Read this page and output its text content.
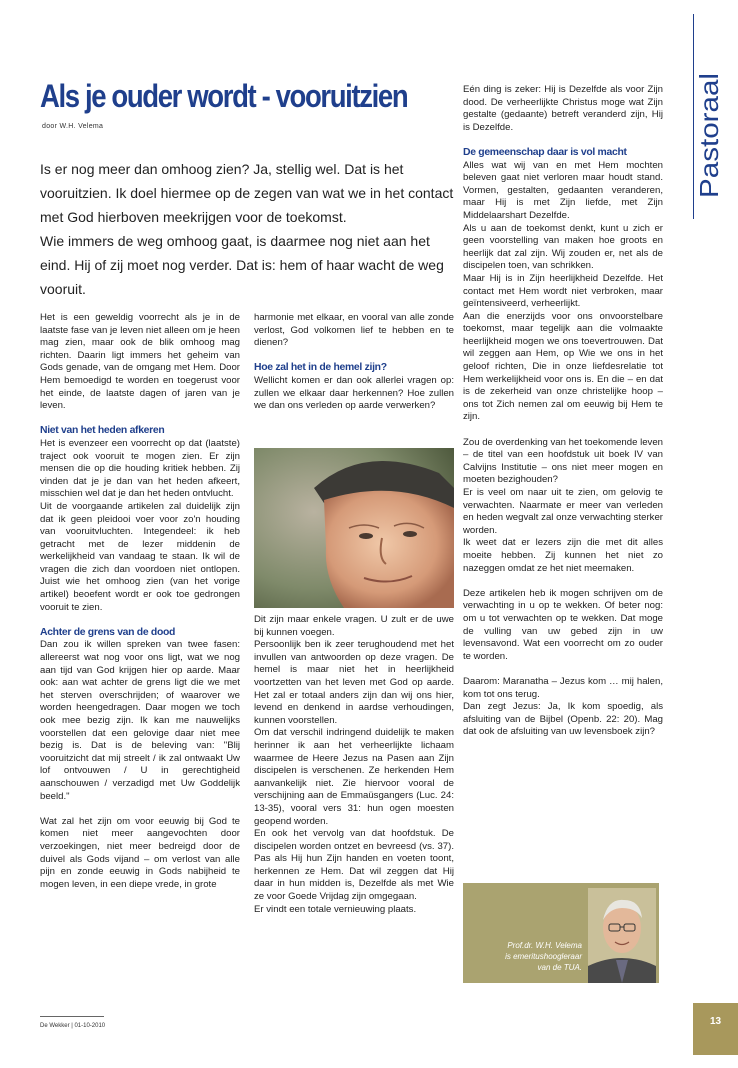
Pastoraal
Als je ouder wordt - vooruitzien
door W.H. Velema

Is er nog meer dan omhoog zien? Ja, stellig wel. Dat is het vooruitzien. Ik doel hiermee op de zegen van wat we in het contact met God hierboven meekrijgen voor de toekomst.

Wie immers de weg omhoog gaat, is daarmee nog niet aan het eind. Hij of zij moet nog verder. Dat is: hem of haar wacht de weg vooruit.

Het is een geweldig voorrecht als je in de laatste fase van je leven niet alleen om je heen mag zien, maar ook de blik omhoog mag richten. Daarin ligt immers het geheim van Gods genade, van de omgang met Hem. Door Hem bemoedigd te worden en toegerust voor het einde, de laatste dagen of jaren van je leven.

Niet van het heden afkeren

Het is evenzeer een voorrecht op dat (laatste) traject ook vooruit te mogen zien. Er zijn mensen die op die houding kritiek hebben. Zij vinden dat je je dan van het heden afkeert, misschien wel dat je dan het heden ontvlucht.

Uit de voorgaande artikelen zal duidelijk zijn dat ik geen pleidooi voer voor zo'n houding van vooruitvluchten. Integendeel: ik heb getracht met de lezer middenin de werkelijkheid van vandaag te staan. Ik wil de vragen die zich dan voordoen niet ontlopen. Juist wie het omhoog zien (van het vorige artikel) beoefent wordt er ook toe gedrongen vooruit te zien.

Achter de grens van de dood

Dan zou ik willen spreken van twee fasen: allereerst wat nog voor ons ligt, wat we nog aan tijd van God krijgen hier op aarde. Maar ook: aan wat achter de grens ligt die we met het sterven overschrijden; of waarover we worden heengedragen. Daar mogen we toch ook mee bezig zijn. Ik kan me nauwelijks voorstellen dat een gelovige daar niet mee bezig is. Dat is de beleving van: "Blij vooruitzicht dat mij streelt / ik zal ontwaakt Uw lof ontvouwen / U in gerechtigheid aanschouwen / verzadigd met Uw Goddelijk beeld."

Wat zal het zijn om voor eeuwig bij God te komen niet meer aangevochten door verzoekingen, niet meer bedreigd door de duivel als Gods vijand – om verlost van alle pijn en zonde eeuwig in Gods nabijheid te mogen leven, in een diepe vrede, in grote

harmonie met elkaar, en vooral van alle zonde verlost, God volkomen lief te hebben en te dienen?

Hoe zal het in de hemel zijn?

Wellicht komen er dan ook allerlei vragen op: zullen we elkaar daar herkennen? Hoe zullen we dan ons verleden op aarde verwerken?

Dit zijn maar enkele vragen. U zult er de uwe bij kunnen voegen.

Persoonlijk ben ik zeer terughoudend met het invullen van antwoorden op deze vragen. De hemel is maar niet het in heerlijkheid voortzetten van het leven met God op aarde. Het zal er totaal anders zijn dan wij ons hier, levend en denkend in aardse verhoudingen, kunnen voorstellen.

Om dat verschil indringend duidelijk te maken herinner ik aan het verheerlijkte lichaam waarmee de Heere Jezus na Pasen aan Zijn discipelen is verschenen. Ze herkenden Hem aanvankelijk niet. Zie hiervoor vooral de verschijning aan de Emmaüsgangers (Luc. 24: 13-35), vooral vers 31: hun ogen moesten geopend worden.

En ook het vervolg van dat hoofdstuk. De discipelen worden ontzet en bevreesd (vs. 37). Pas als Hij hun Zijn handen en voeten toont, herkennen ze Hem. Dat wil zeggen dat Hij daar in hun midden is, Dezelfde als met Wie ze voor Goede Vrijdag zijn omgegaan.

Er vindt een totale vernieuwing plaats.

Eén ding is zeker: Hij is Dezelfde als voor Zijn dood. De verheerlijkte Christus moge wat Zijn gestalte (gedaante) betreft veranderd zijn, Hij is Dezelfde.

De gemeenschap daar is vol macht

Alles wat wij van en met Hem mochten beleven gaat niet verloren maar houdt stand. Vormen, gestalten, gedaanten veranderen, maar Hij is met Zijn liefde, met Zijn Middelaarshart Dezelfde.

Als u aan de toekomst denkt, kunt u zich er geen voorstelling van maken hoe groots en heerlijk dat zal zijn. Wij zouden er, net als de discipelen toen, van schrikken.

Maar Hij is in Zijn heerlijkheid Dezelfde. Het contact met Hem wordt niet verbroken, maar geïntensiveerd, verheerlijkt.

Aan die enerzijds voor ons onvoorstelbare toekomst, maar tegelijk aan die volmaakte heerlijkheid mogen we ons toevertrouwen. Dat wil zeggen aan Hem, op Wie we ons in het geloof richten, Die in onze liefdesrelatie tot Hem werkelijkheid voor ons is. En die – en dat is de zekerheid van onze christelijke hoop – ons tot Zich nemen zal om eeuwig bij Hem te zijn.

Zou de overdenking van het toekomende leven – de titel van een hoofdstuk uit boek IV van Calvijns Institutie – ons niet meer mogen en moeten bezighouden?

Er is veel om naar uit te zien, om gelovig te verwachten. Naarmate er meer van verleden en heden wegvalt zal onze verwachting sterker worden.

Ik weet dat er lezers zijn die met dit alles moeite hebben. Zij kunnen het niet zo nazeggen omdat ze het niet meemaken.

Deze artikelen heb ik mogen schrijven om de verwachting in u op te wekken. Of beter nog: om u tot verwachten op te wekken. Dat moge de vulling van uw gebed zijn in uw levensavond. Wat een voorrecht om zo ouder te worden.

Daarom: Maranatha – Jezus kom … mij halen, kom tot ons terug.

Dan zegt Jezus: Ja, Ik kom spoedig, als afsluiting van de Bijbel (Openb. 22: 20). Mag dat ook de afsluiting van uw levensboek zijn?

Prof.dr. W.H. Velema
is emeritushoogleraar
van de TUA.
De Wekker | 01-10-2010	13
